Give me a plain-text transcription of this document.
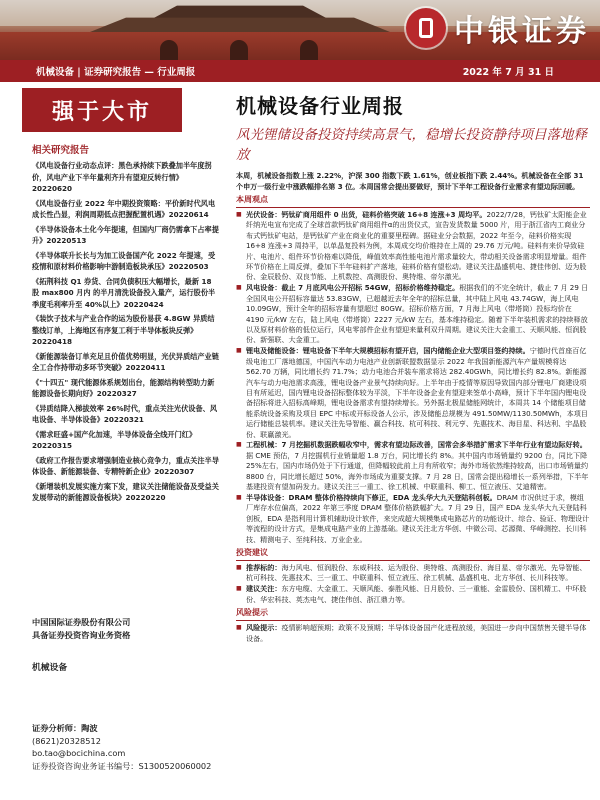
中银证券
机械设备 | 证券研究报告 — 行业周报	2022 年 7 月 31 日
强于大市
相关研究报告
《风电设备行业动态点评：黑色承持续下跌叠加半年度拐价，风电产业下半年量利齐升有望迎反转行情》20220620
《风电设备行业 2022 年中期投资策略：平价新时代风电成长性凸显，利润周期低点把握配置机遇》20220614
《半导体设备本土化今年提速，但国内厂商仍需拿下占率提升》20220513
《半导体联升长长与为加工设备国产化 2022 年提速，受疫情和原材料价格影响中游制造板块承压》20220503
《拓荆科技 Q1 券货、合同负债积压大幅增长，最新 18 股 max800 月内 的半月清洗设备投入量产，运行股份半季度毛利率升至 40%以上》20220424
《装饮子技术与产业合作的运为股份易获 4.8GW 异质结整线订单，上海地区有序复工利于半导体板块反弹》20220418
《新能源装备订单充足且价值优势明显，光伏异质结产业链全工合作持带动多环节突破》20220411
《"十四五" 现代能源体系规划出台，能源结构转型助力新能源设备长期向好》20220327
《异质结降入梯拔效率 26%时代，重点关注光伏设备、风电设备、半导体设备》20220321
《需求旺盛+国产化加速，半导体设备全线开门红》20220315
《政府工作报告要求增强制造业核心竞争力，重点关注半导体设备、新能源装备、专精特新企业》20220307
《新增装机发展实施方案下发，建议关注储能设备及受益关发展带动的新能源设备板块》20220220
中国国际证券股份有限公司
具备证券投资咨询业务资格
机械设备
证券分析师：陶波
(8621)20328512
bo.tao@bocichina.com
证券投资咨询业务证书编号：S1300520060002
机械设备行业周报
风光锂储设备投资持续高景气，稳增长投资静待项目落地释放

本周，机械设备指数上涨 2.22%，沪深 300 指数下跌 1.61%，创业板指下跌 2.44%。机械设备在全部 31 个申万一级行业中涨跌幅排名第 3 位。本周国常会提出要做好，预计下半年工程设备行业需求有望边际回暖。

本周观点
■ 光伏设备：钙钛矿商用组件 0 出货，硅料价格突破 16+8 连涨+3 周均平。2022/7/28，钙钛矿太阳能企业纤纳光电宣布完成了全球首款钙钛矿商用组件α的出货仪式，宣告发货数量 5000 片，用于浙江省内工商业分布式钙钛矿电站，是钙钛矿产业在商业化的重要里程碑。据硅业分会数据，2022 年至今，硅料价格实现 16+8 连涨+3 周持平，以单晶复投料为例，本周成交均价维持在上周的 29.76 万元/吨。硅料有来价导致硅片、电池片、组件环节价格难以降低，峰值效率高性能电池片需求量较大，带动相关设备需求明显增量。组件环节价格在上周反弹，叠加下半年硅料扩产落地，硅料价格有望松动。建议关注晶盛机电、捷佳伟创、迈为股份、金辰股份、双良节能、上机数控、高测股份、奥特维、帝尔激光。
■ 风电设备：截止 7 月底风电公开招标 54GW，招标价格维持稳定。根据我们的不完全统计，截止 7 月 29 日全国风电公开招标容量达 53.83GW，已超越近去年全年的招标总量，其中陆上风电 43.74GW，海上风电 10.09GW，预计全年的招标容量有望超过 80GW。招标价格方面，7 月海上风电（带塔筒）投标均价在 4190 元/kW 左右，陆上风电（带塔筒）2227 元/kW 左右，基本维持稳定。随着下半年装机需求的持续释放以及原材料价格的低位运行，风电零部件企业有望迎来量利双升周期。建议关注大金重工、天顺风能、恒润股份、新强联、大金重工。
■ 锂电及储能设备：锂电设备下半年大规模招标有望开启，国内储能企业大型项目签约持续。宁德时代首座百亿级电池工厂落地德国，中国汽车动力电池产业创新联盟数据显示 2022 年我国新能源汽车产量规模将达 562.70 万辆，同比增长约 71.7%；动力电池合并装车需求将达 282.40GWh，同比增长约 82.8%。新能源汽车与动力电池需求高涨，锂电设备产业景气持续向好。上半年由于疫情等原因导致国内部分锂电厂商建设项目有所延迟，国内锂电设备招标整体较为平淡，下半年设备企业有望迎来签单小高峰，预计下半年国内锂电设备招标将进入招标高峰期，锂电设备需求有望持续增长。另外据北极星储能网统计，本周共 14 个储能项目储能系统设备采购及项目 EPC 中标或开标设备人公示，涉及储能总规模为 491.50MW/1130.50MWh，本项目运行储能总装机率。建议关注先导智能、赢合科技、杭可科技、利元亨、先惠技术、海目星、科达利、宇晶股份、联赢激光。
■ 工程机械：7 月挖掘机数据跌幅收窄中，需求有望边际改善，国常会多举措扩需求下半年行业有望边际好转。据 CME 预估，7 月挖掘机行业销量超 1.8 万台，同比增长约 8%。其中国内市场销量约 9200 台，同比下降 25%左右，国内市场仍处于下行通道，但降幅较此前上月有所收窄；海外市场依然维持较高，出口市场销量约 8800 台，同比增长超过 50%，海外市场成为重要支撑。7 月 28 日，国常会提出稳增长一系列举措，下半年基建投资有望加码发力。建议关注三一重工、徐工机械、中联重科、柳工、恒立液压、艾迪精密。
■ 半导体设备：DRAM 整体价格持续向下修正，EDA 龙头华大九天登陆科创板。DRAM 市况供过于求，模组厂库存水位偏高，2022 年第三季度 DRAM 整体价格跌幅扩大。7 月 29 日，国产 EDA 龙头华大九天登陆科创板，EDA 是指利用计算机辅助设计软件，来完成超大规模集成电路芯片的功能设计、综合、验证、物理设计等流程的设计方式，是集成电路产业的上游基础。建议关注北方华创、中微公司、芯源微、华峰测控、长川科技、精测电子、至纯科技、万业企业。
投资建议
■ 推荐标的：海力风电、恒润股份、东威科技、运为股份、奥特维、高测股份、海目星、帝尔激光、先导智能、杭可科技、先惠技术、三一重工、中联重科、恒立液压、徐工机械、晶盛机电、北方华创、长川科技等。
■ 建议关注：东方电缆、大金重工、天顺风能、泰胜风能、日月股份、三一重能、金雷股份、国机精工、中环股份、华宏科技、英杰电气、捷佳伟创、浙江鼎力等。
风险提示
■ 风险提示：疫情影响超预期；政策不及预期；半导体设备国产化进程放缓，美国进一步向中国禁售关键半导体设备。
